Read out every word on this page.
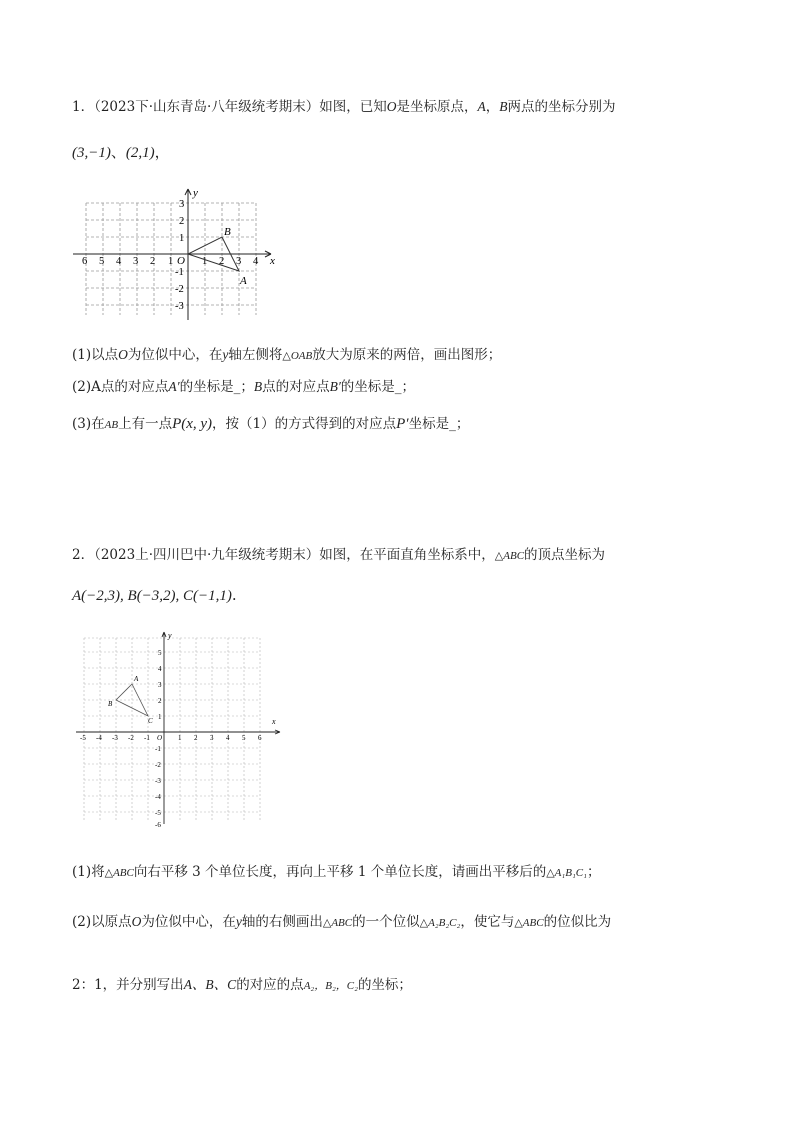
1．（2023下·山东青岛·八年级统考期末）如图，已知O是坐标原点，A，B两点的坐标分别为
(3,−1)、(2,1)，
x
y
O
6 5 4 3 2 1	1 2 3 4
3
2
1
-1
-2
-3
A
B
(1)以点O为位似中心，在y轴左侧将△OAB放大为原来的两倍，画出图形；
(2)A点的对应点A′的坐标是_；B点的对应点B′的坐标是_；
(3)在AB上有一点P(x, y)，按（1）的方式得到的对应点P′坐标是_；
2．（2023上·四川巴中·九年级统考期末）如图，在平面直角坐标系中，△ABC的顶点坐标为
A(−2,3), B(−3,2), C(−1,1).
x
y
O
-5 -4 -3 -2 -1	1 2 3 4 5 6
5
4
3
2
1
-1
-2
-3
-4
-5
-6
A
B
C
(1)将△ABC向右平移 3 个单位长度，再向上平移 1 个单位长度，请画出平移后的△A₁B₁C₁；
(2)以原点O为位似中心，在y轴的右侧画出△ABC的一个位似△A₂B₂C₂，使它与△ABC的位似比为
2：1，并分别写出A、B、C的对应的点A₂，B₂，C₂的坐标；
